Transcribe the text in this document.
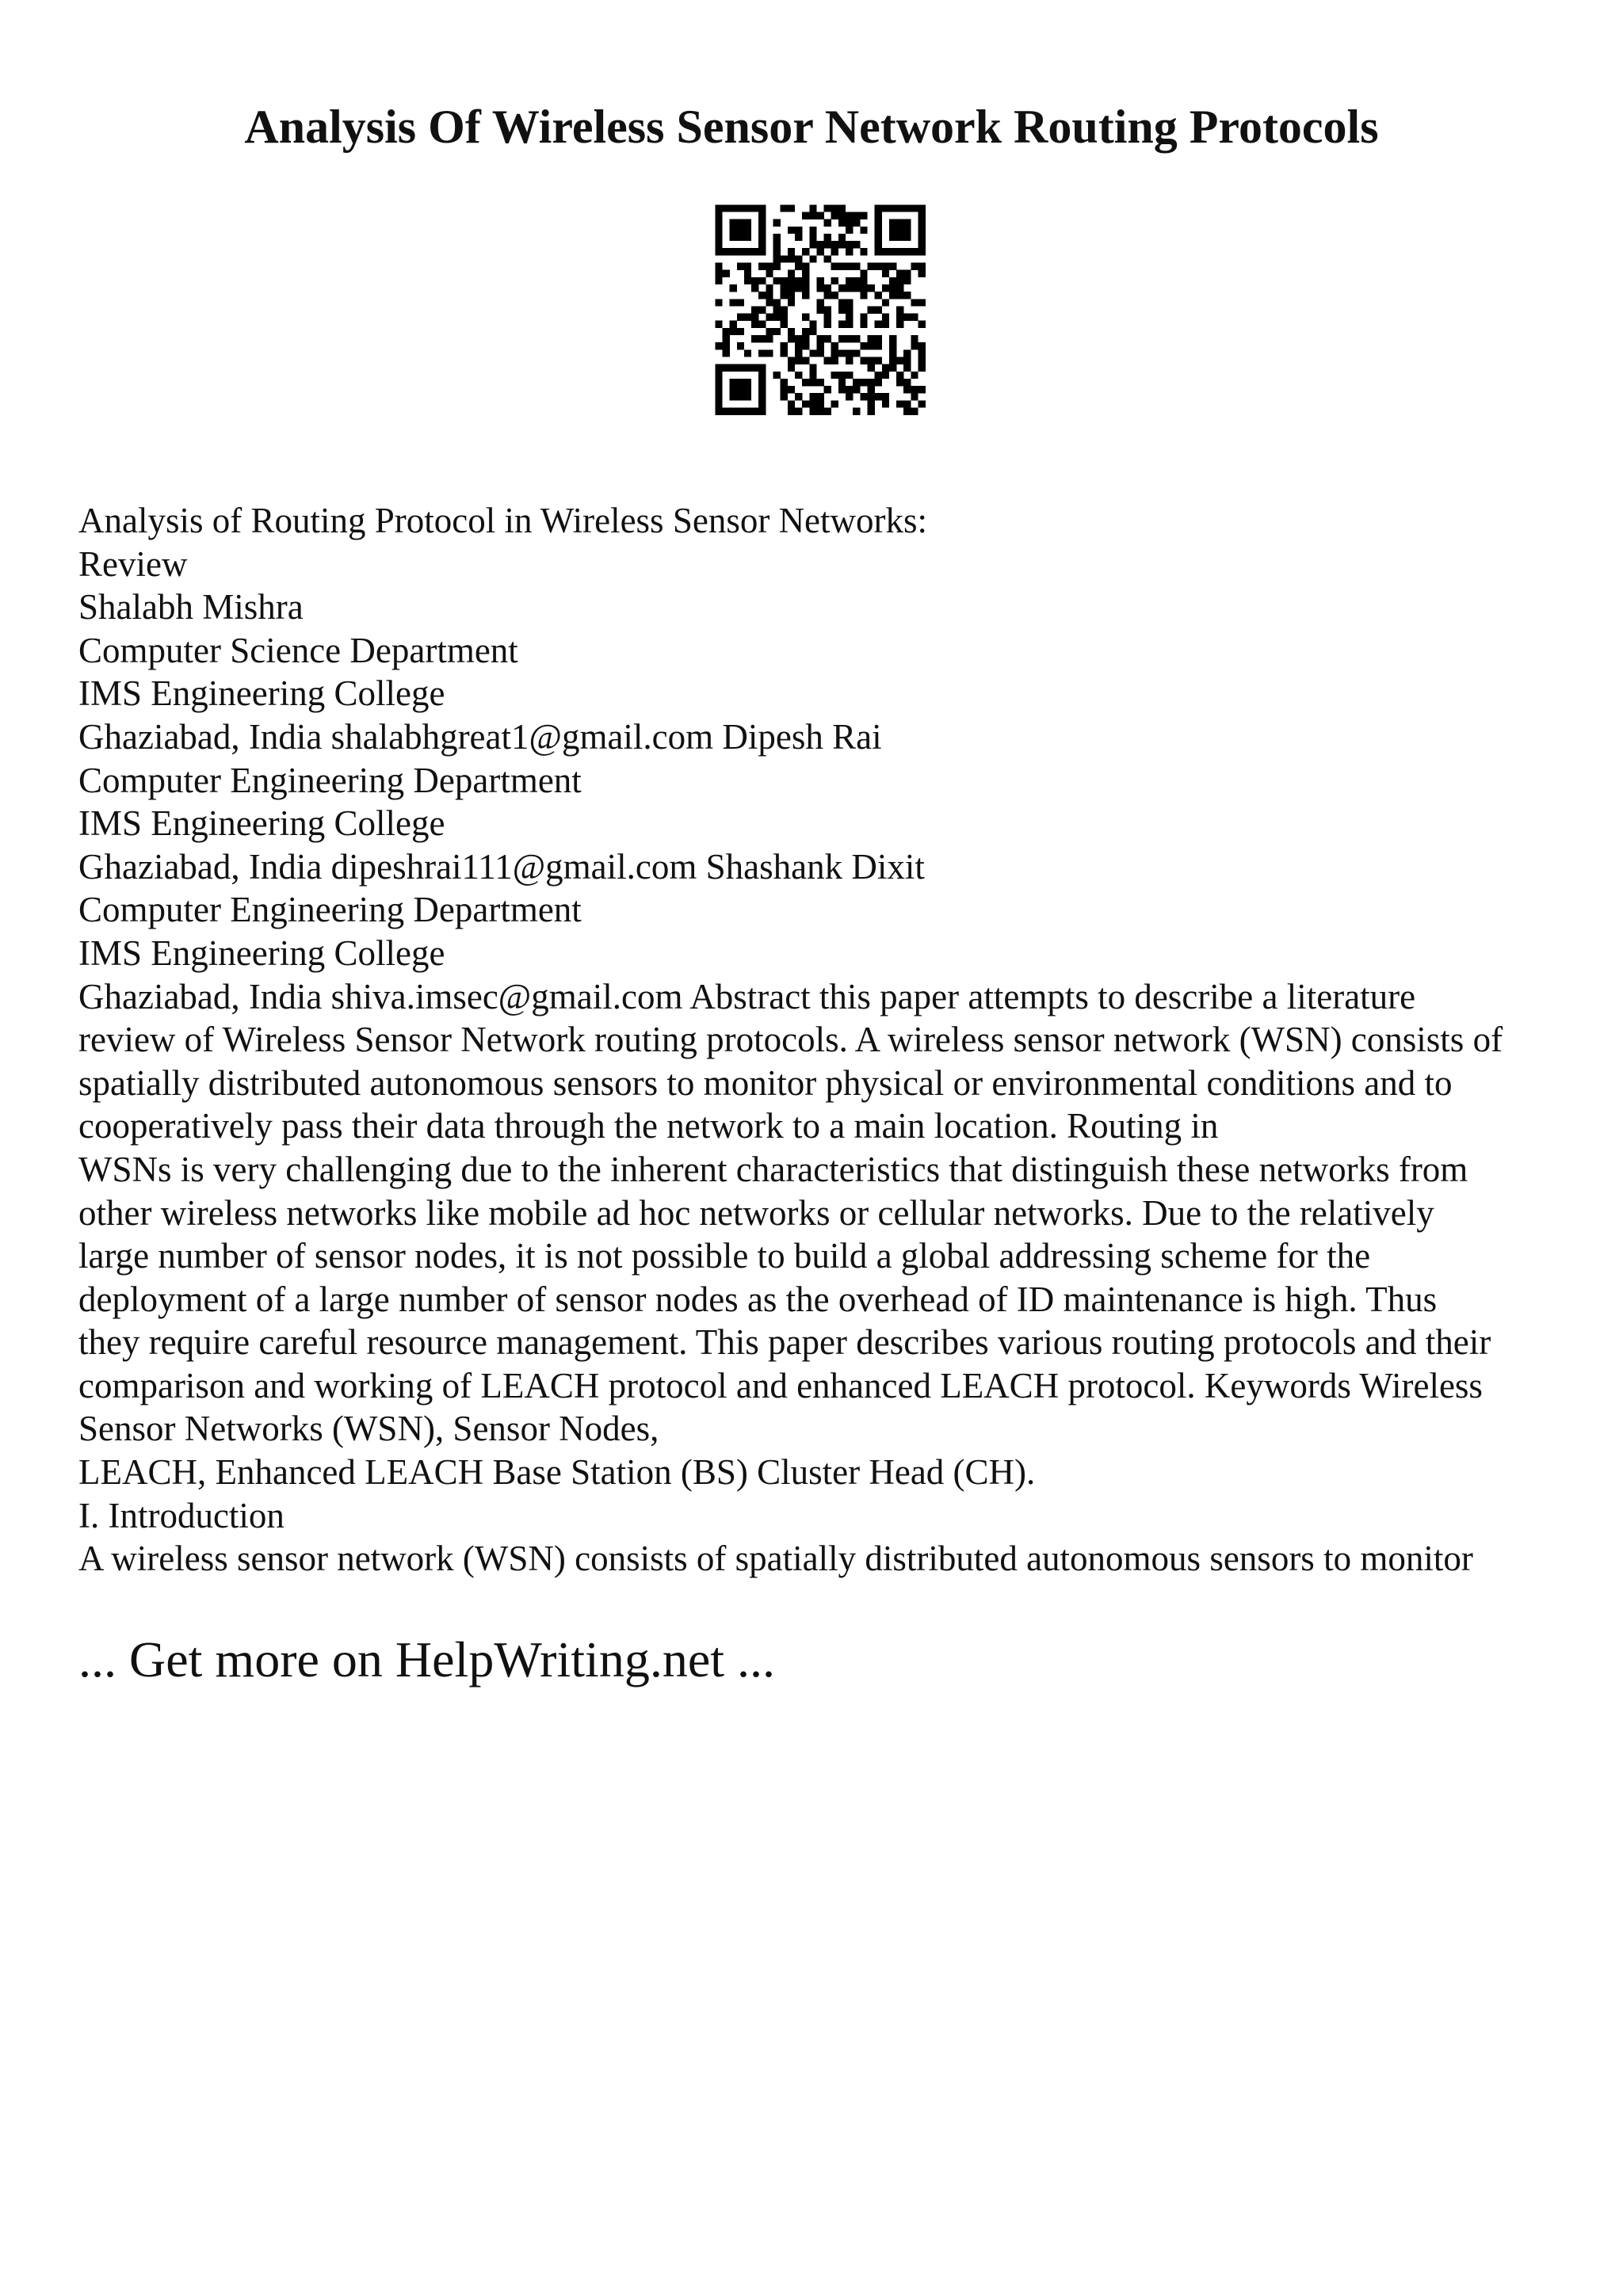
Analysis Of Wireless Sensor Network Routing Protocols
Analysis of Routing Protocol in Wireless Sensor Networks:
Review
Shalabh Mishra
Computer Science Department
IMS Engineering College
Ghaziabad, India shalabhgreat1@gmail.com Dipesh Rai
Computer Engineering Department
IMS Engineering College
Ghaziabad, India dipeshrai111@gmail.com Shashank Dixit
Computer Engineering Department
IMS Engineering College
Ghaziabad, India shiva.imsec@gmail.com Abstract this paper attempts to describe a literature
review of Wireless Sensor Network routing protocols. A wireless sensor network (WSN) consists of
spatially distributed autonomous sensors to monitor physical or environmental conditions and to
cooperatively pass their data through the network to a main location. Routing in
WSNs is very challenging due to the inherent characteristics that distinguish these networks from
other wireless networks like mobile ad hoc networks or cellular networks. Due to the relatively
large number of sensor nodes, it is not possible to build a global addressing scheme for the
deployment of a large number of sensor nodes as the overhead of ID maintenance is high. Thus
they require careful resource management. This paper describes various routing protocols and their
comparison and working of LEACH protocol and enhanced LEACH protocol. Keywords Wireless
Sensor Networks (WSN), Sensor Nodes,
LEACH, Enhanced LEACH Base Station (BS) Cluster Head (CH).
I. Introduction
A wireless sensor network (WSN) consists of spatially distributed autonomous sensors to monitor
... Get more on HelpWriting.net ...
